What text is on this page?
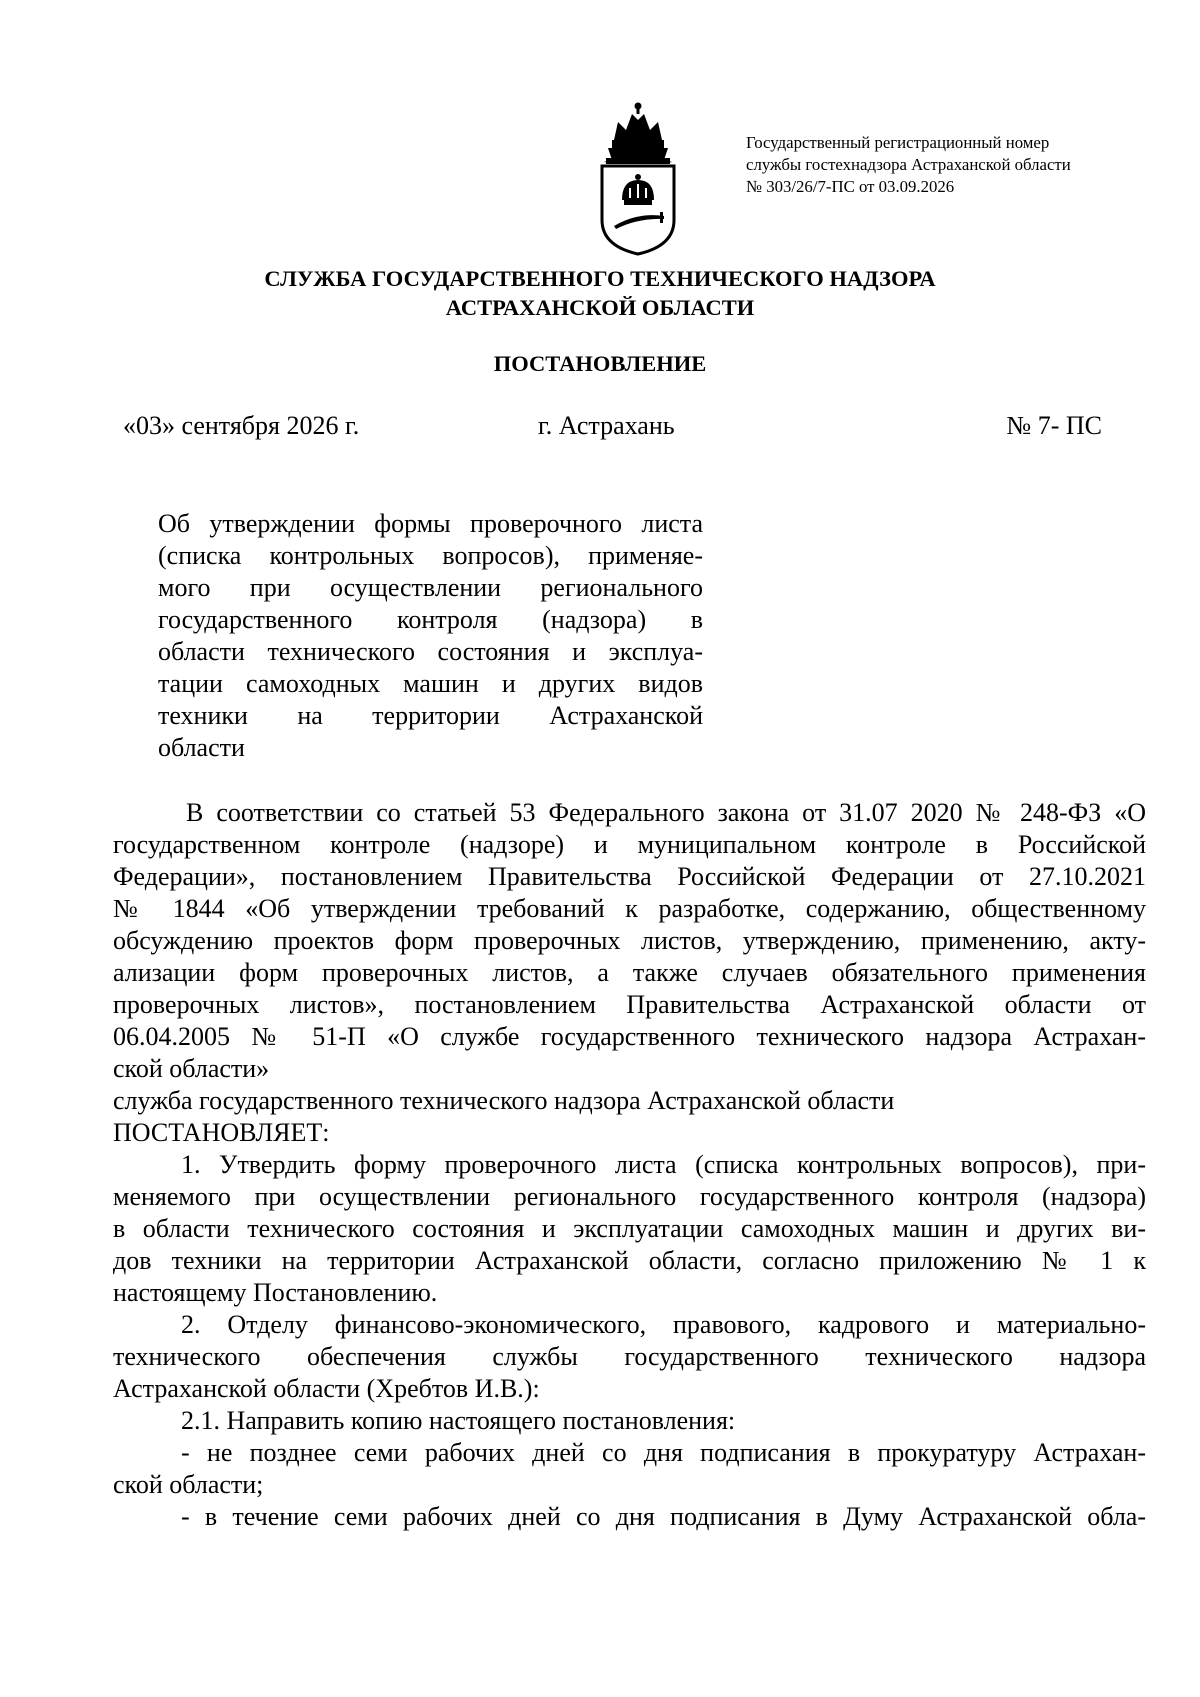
Государственный регистрационный номер
службы гостехнадзора Астраханской области
№ 303/26/7-ПС от 03.09.2026
СЛУЖБА ГОСУДАРСТВЕННОГО ТЕХНИЧЕСКОГО НАДЗОРА
АСТРАХАНСКОЙ ОБЛАСТИ
ПОСТАНОВЛЕНИЕ
«03» сентября 2026 г.	г. Астрахань	№ 7- ПС
Об утверждении формы проверочного листа
(списка контрольных вопросов), применяе-
мого при осуществлении регионального
государственного контроля (надзора) в
области технического состояния и эксплуа-
тации самоходных машин и других видов
техники на территории Астраханской
области
В соответствии со статьей 53 Федерального закона от 31.07 2020 № 248-ФЗ «О
государственном контроле (надзоре) и муниципальном контроле в Российской
Федерации», постановлением Правительства Российской Федерации от 27.10.2021
№ 1844 «Об утверждении требований к разработке, содержанию, общественному
обсуждению проектов форм проверочных листов, утверждению, применению, акту-
ализации форм проверочных листов, а также случаев обязательного применения
проверочных листов», постановлением Правительства Астраханской области от
06.04.2005 № 51-П «О службе государственного технического надзора Астрахан-
ской области»
служба государственного технического надзора Астраханской области
ПОСТАНОВЛЯЕТ:
1. Утвердить форму проверочного листа (списка контрольных вопросов), при-
меняемого при осуществлении регионального государственного контроля (надзора)
в области технического состояния и эксплуатации самоходных машин и других ви-
дов техники на территории Астраханской области, согласно приложению № 1 к
настоящему Постановлению.
2. Отделу финансово-экономического, правового, кадрового и материально-
технического обеспечения службы государственного технического надзора
Астраханской области (Хребтов И.В.):
2.1. Направить копию настоящего постановления:
- не позднее семи рабочих дней со дня подписания в прокуратуру Астрахан-
ской области;
- в течение семи рабочих дней со дня подписания в Думу Астраханской обла-
